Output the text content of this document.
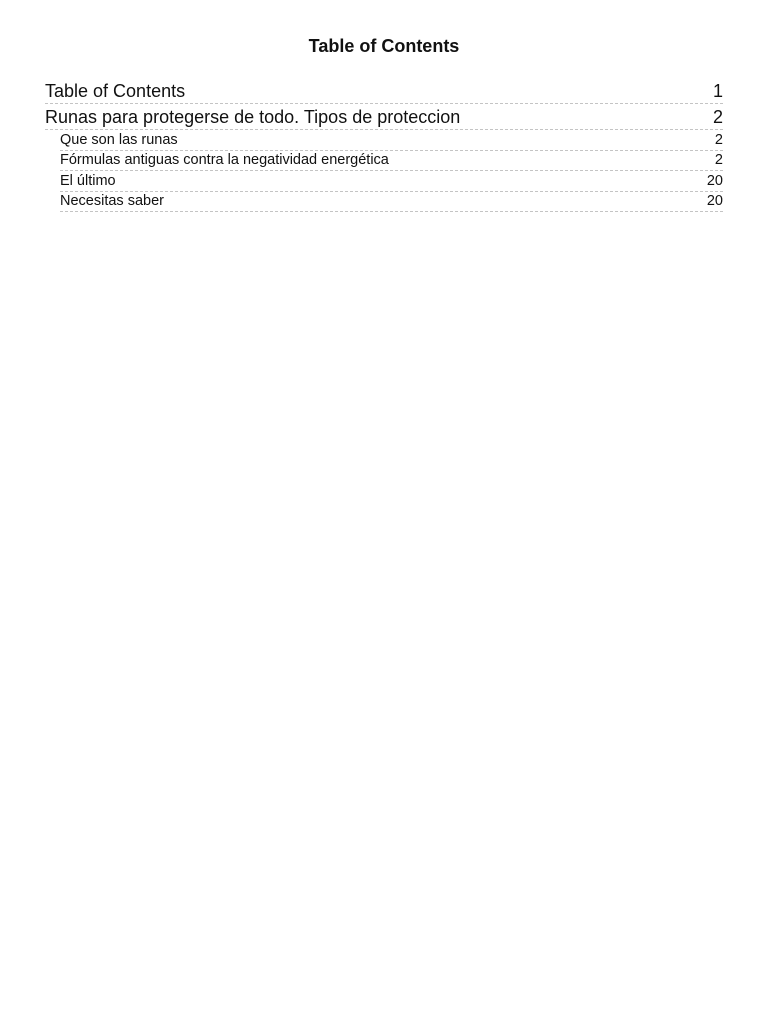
Table of Contents
Table of Contents	1
Runas para protegerse de todo. Tipos de proteccion	2
Que son las runas	2
Fórmulas antiguas contra la negatividad energética	2
El último	20
Necesitas saber	20
